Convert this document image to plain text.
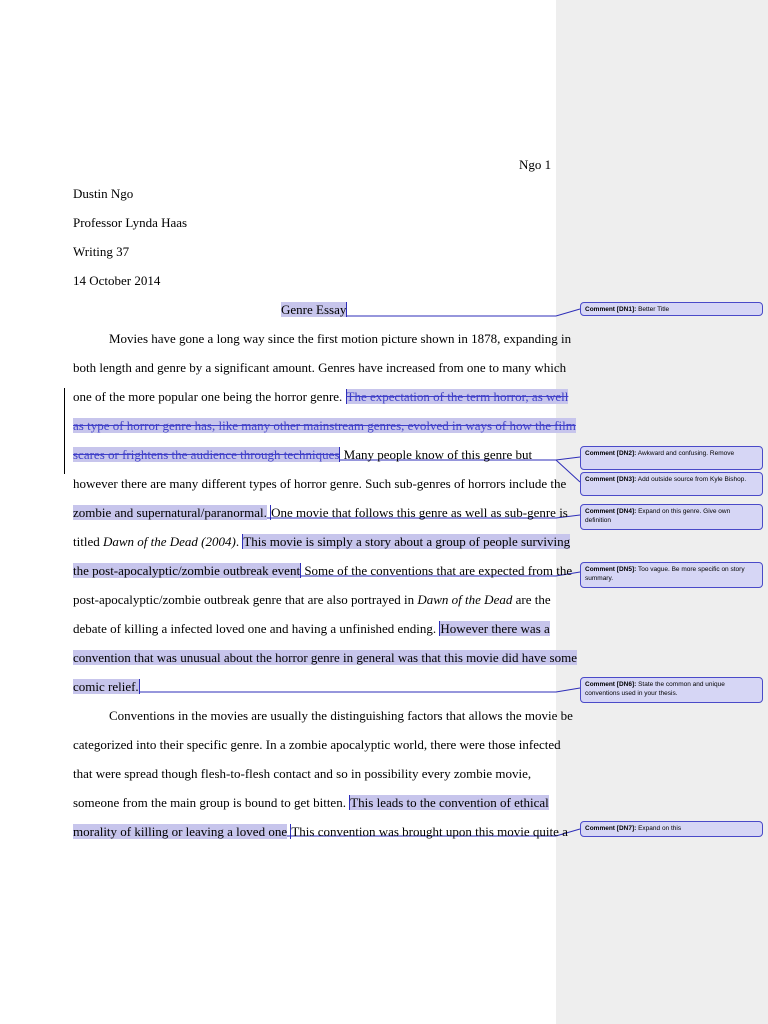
Ngo 1
Dustin Ngo
Professor Lynda Haas
Writing 37
14 October 2014
Genre Essay
Movies have gone a long way since the first motion picture shown in 1878, expanding in
both length and genre by a significant amount. Genres have increased from one to many which
one of the more popular one being the horror genre. The expectation of the term horror, as well
as type of horror genre has, like many other mainstream genres, evolved in ways of how the film
scares or frightens the audience through techniques Many people know of this genre but
however there are many different types of horror genre. Such sub-genres of horrors include the
zombie and supernatural/paranormal. One movie that follows this genre as well as sub-genre is
titled Dawn of the Dead (2004). This movie is simply a story about a group of people surviving
the post-apocalyptic/zombie outbreak event Some of the conventions that are expected from the
post-apocalyptic/zombie outbreak genre that are also portrayed in Dawn of the Dead are the
debate of killing a infected loved one and having a unfinished ending. However there was a
convention that was unusual about the horror genre in general was that this movie did have some
comic relief.
Conventions in the movies are usually the distinguishing factors that allows the movie be
categorized into their specific genre. In a zombie apocalyptic world, there were those infected
that were spread though flesh-to-flesh contact and so in possibility every zombie movie,
someone from the main group is bound to get bitten. This leads to the convention of ethical
morality of killing or leaving a loved one This convention was brought upon this movie quite a
Comment [DN1]: Better Title
Comment [DN2]: Awkward and confusing. Remove
Comment [DN3]: Add outside source from Kyle Bishop.
Comment [DN4]: Expand on this genre. Give own definition
Comment [DN5]: Too vague. Be more specific on story summary.
Comment [DN6]: State the common and unique conventions used in your thesis.
Comment [DN7]: Expand on this
